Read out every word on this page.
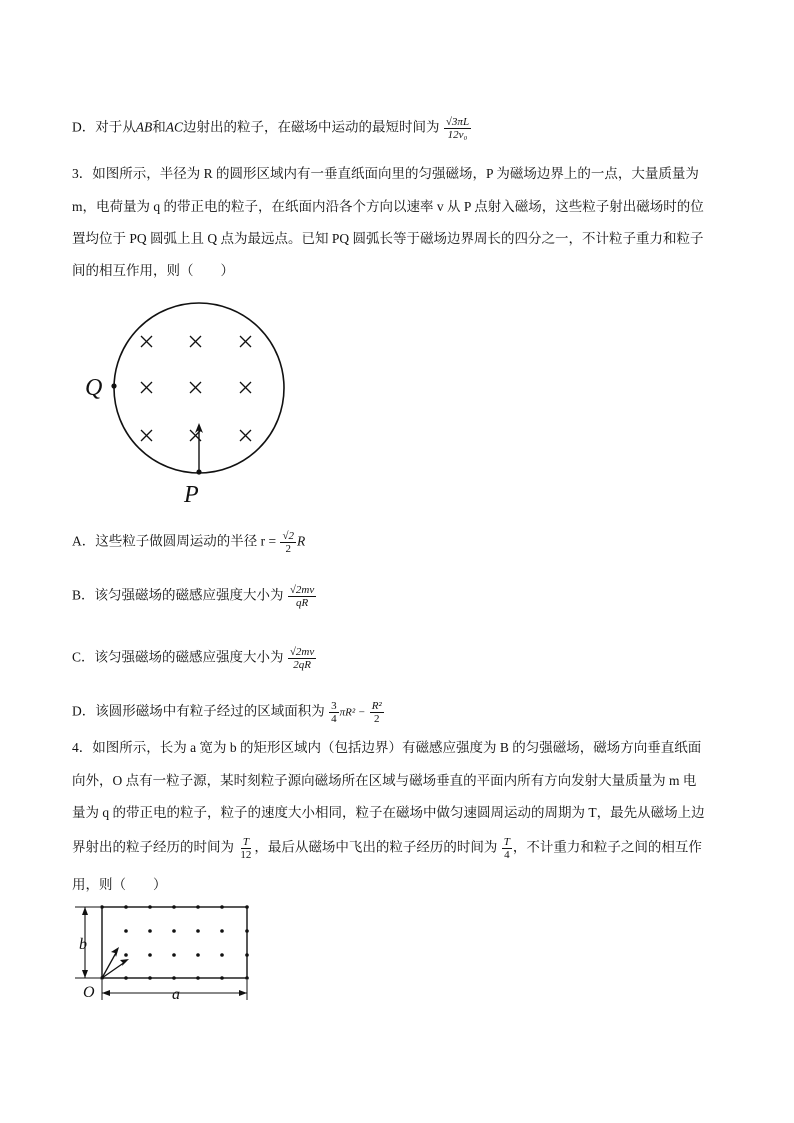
D．对于从AB和AC边射出的粒子，在磁场中运动的最短时间为 $\frac{√3\pi L}{\text{12v₀}}$
3．如图所示，半径为 R 的圆形区域内有一垂直纸面向里的匀强磁场，P 为磁场边界上的一点，大量质量为
m，电荷量为 q 的带正电的粒子，在纸面内沿各个方向以速率 v 从 P 点射入磁场，这些粒子射出磁场时的位
置均位于 PQ 圆弧上且 Q 点为最远点。已知 PQ 圆弧长等于磁场边界周长的四分之一，不计粒子重力和粒子
间的相互作用，则（　　）
Q
P
A．这些粒子做圆周运动的半径 $r = \frac{√2}{2}$ R
B．该匀强磁场的磁感应强度大小为 $\frac{√2mv}{qR}$
C．该匀强磁场的磁感应强度大小为 $\frac{√2mv}{2qR}$
D．该圆形磁场中有粒子经过的区域面积为 $\frac{3}{4} \pi R^2 - \frac{\text{R²}}{2}$
4．如图所示，长为 a 宽为 b 的矩形区域内（包括边界）有磁感应强度为 B 的匀强磁场，磁场方向垂直纸面
向外，O 点有一粒子源，某时刻粒子源向磁场所在区域与磁场垂直的平面内所有方向发射大量质量为 m 电
量为 q 的带正电的粒子，粒子的速度大小相同，粒子在磁场中做匀速圆周运动的周期为 T，最先从磁场上边
界射出的粒子经历的时间为 $\frac{T}{12}$ ，最后从磁场中飞出的粒子经历的时间为 $\frac{T}{4}$ ，不计重力和粒子之间的相互作
用，则（　　）
b
O	a
